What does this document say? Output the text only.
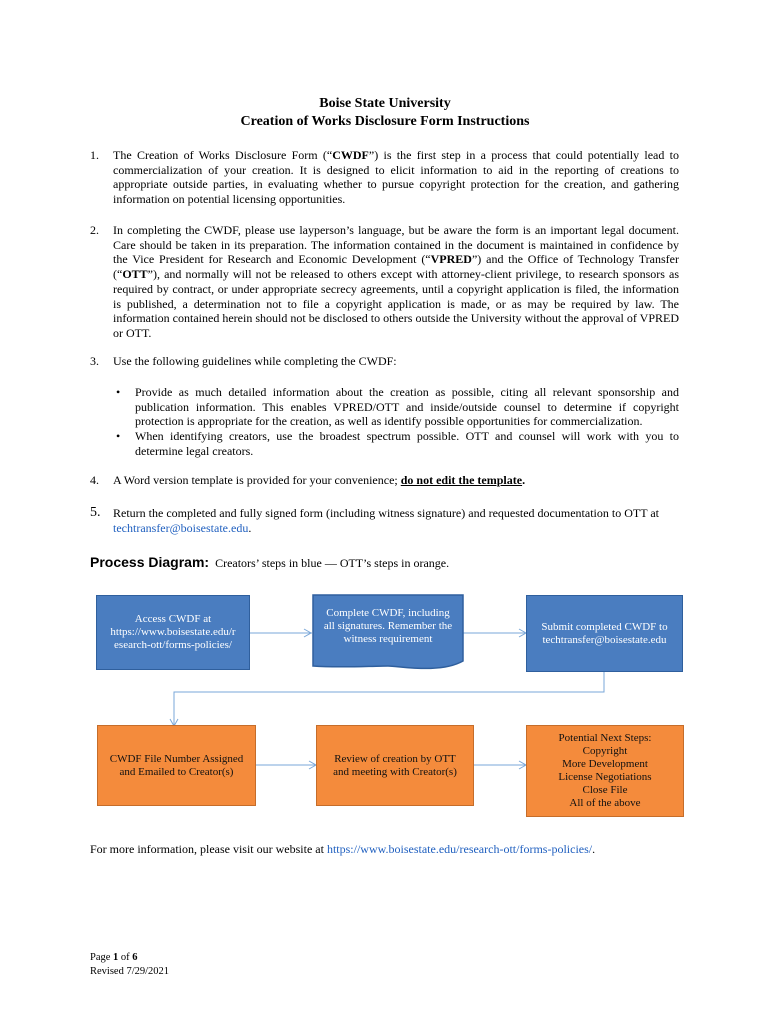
Boise State University
Creation of Works Disclosure Form Instructions
1. The Creation of Works Disclosure Form (“CWDF”) is the first step in a process that could potentially lead to commercialization of your creation. It is designed to elicit information to aid in the reporting of creations to appropriate outside parties, in evaluating whether to pursue copyright protection for the creation, and gathering information on potential licensing opportunities.
2. In completing the CWDF, please use layperson’s language, but be aware the form is an important legal document. Care should be taken in its preparation. The information contained in the document is maintained in confidence by the Vice President for Research and Economic Development (“VPRED”) and the Office of Technology Transfer (“OTT”), and normally will not be released to others except with attorney-client privilege, to research sponsors as required by contract, or under appropriate secrecy agreements, until a copyright application is filed, the information is published, a determination not to file a copyright application is made, or as may be required by law. The information contained herein should not be disclosed to others outside the University without the approval of VPRED or OTT.
3. Use the following guidelines while completing the CWDF:
• Provide as much detailed information about the creation as possible, citing all relevant sponsorship and publication information. This enables VPRED/OTT and inside/outside counsel to determine if copyright protection is appropriate for the creation, as well as identify possible opportunities for commercialization.
• When identifying creators, use the broadest spectrum possible. OTT and counsel will work with you to determine legal creators.
4. A Word version template is provided for your convenience; do not edit the template.
5. Return the completed and fully signed form (including witness signature) and requested documentation to OTT at techtransfer@boisestate.edu.
Process Diagram: Creators’ steps in blue — OTT’s steps in orange.
Access CWDF at
https://www.boisestate.edu/r
esearch-ott/forms-policies/
Complete CWDF, including
all signatures. Remember the
witness requirement
Submit completed CWDF to
techtransfer@boisestate.edu
CWDF File Number Assigned
and Emailed to Creator(s)
Review of creation by OTT
and meeting with Creator(s)
Potential Next Steps:
Copyright
More Development
License Negotiations
Close File
All of the above
For more information, please visit our website at https://www.boisestate.edu/research-ott/forms-policies/.
Page 1 of 6
Revised 7/29/2021
